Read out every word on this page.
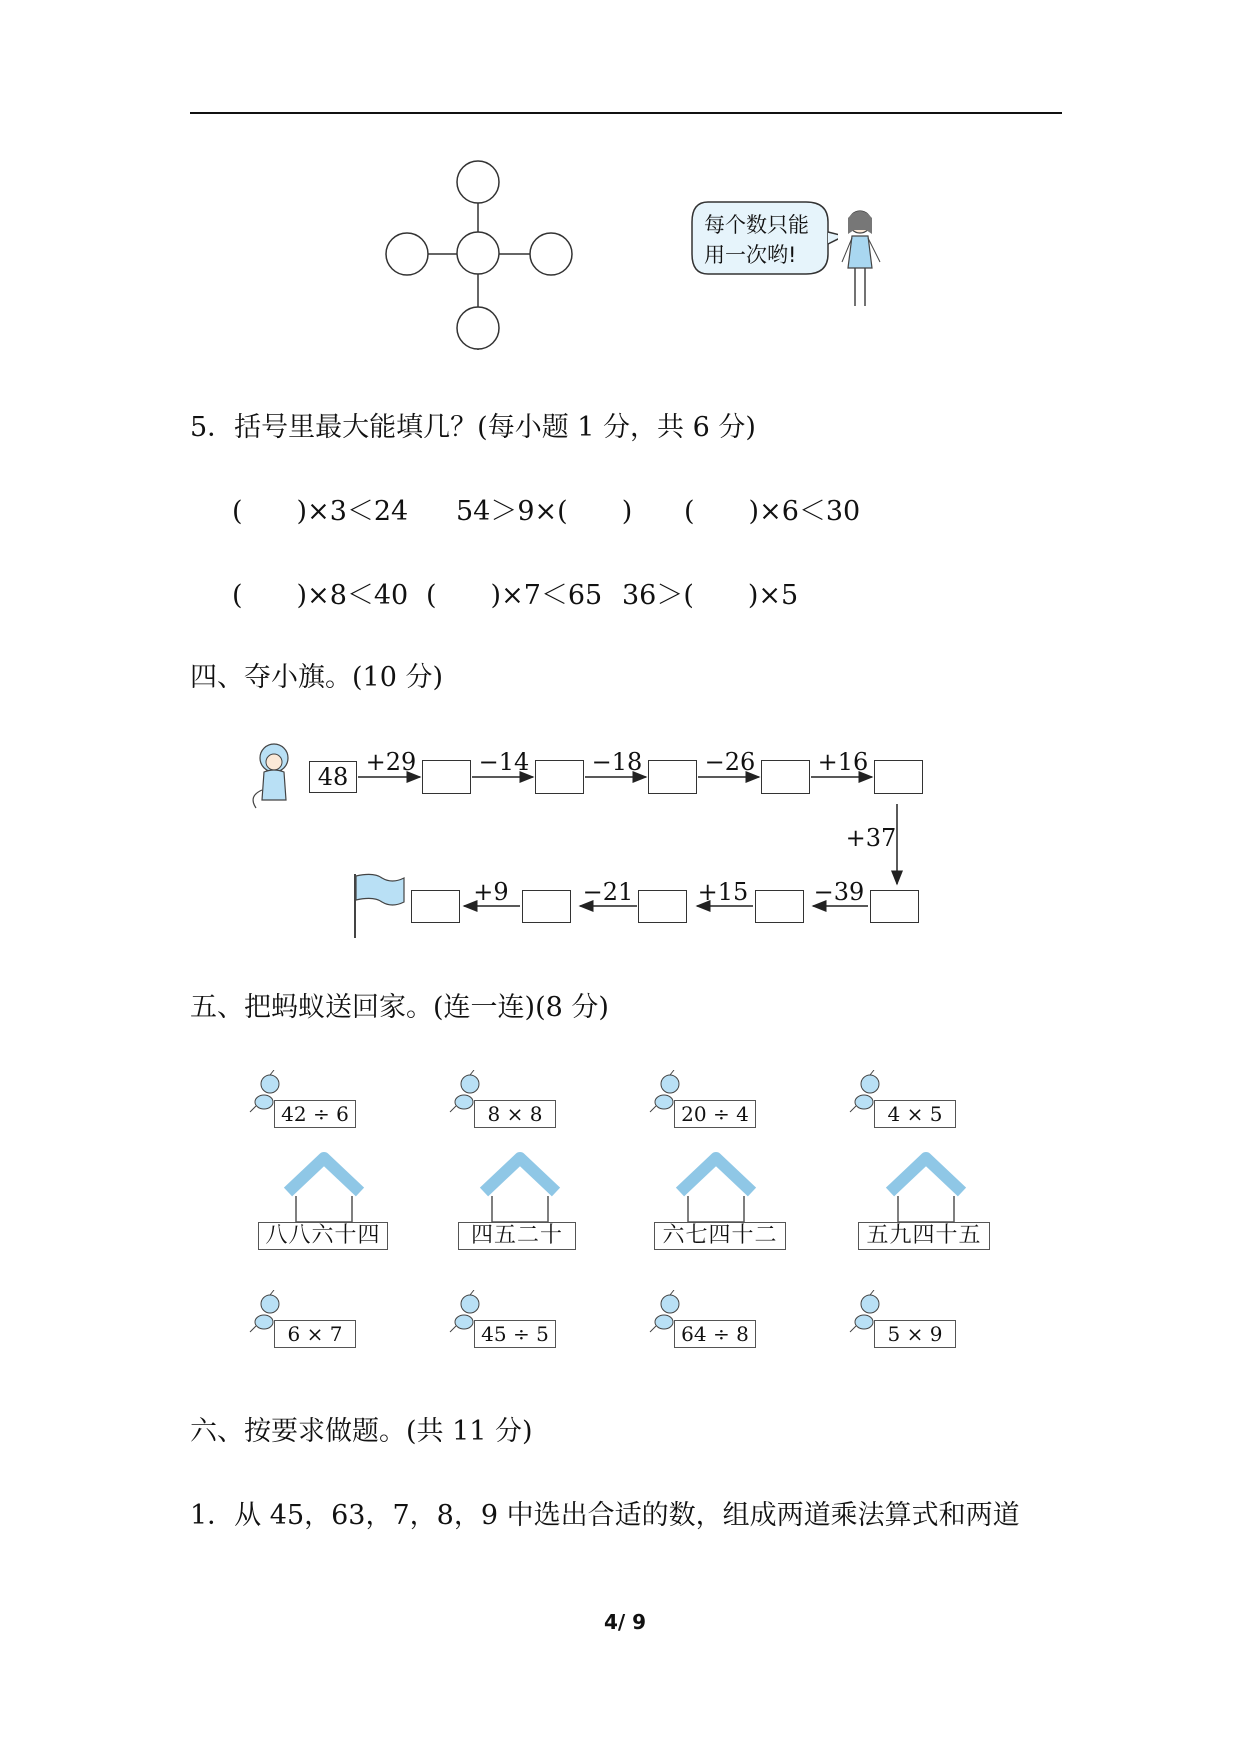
每个数只能
用一次哟!
5．括号里最大能填几？(每小题 1 分，共 6 分)
(　　)×3＜24 54＞9×(　　) (　　)×6＜30
(　　)×8＜40 (　　)×7＜65 36＞(　　)×5
四、夺小旗。(10 分)
48
+29	−14	−18	−26	+16
+37
−39
+15
−21
+9
五、把蚂蚁送回家。(连一连)(8 分)
42 ÷ 6	8 × 8	20 ÷ 4	4 × 5
八八六十四	四五二十	六七四十二	五九四十五
6 × 7	45 ÷ 5	64 ÷ 8	5 × 9
六、按要求做题。(共 11 分)
1．从 45，63，7，8，9 中选出合适的数，组成两道乘法算式和两道
4/ 9
